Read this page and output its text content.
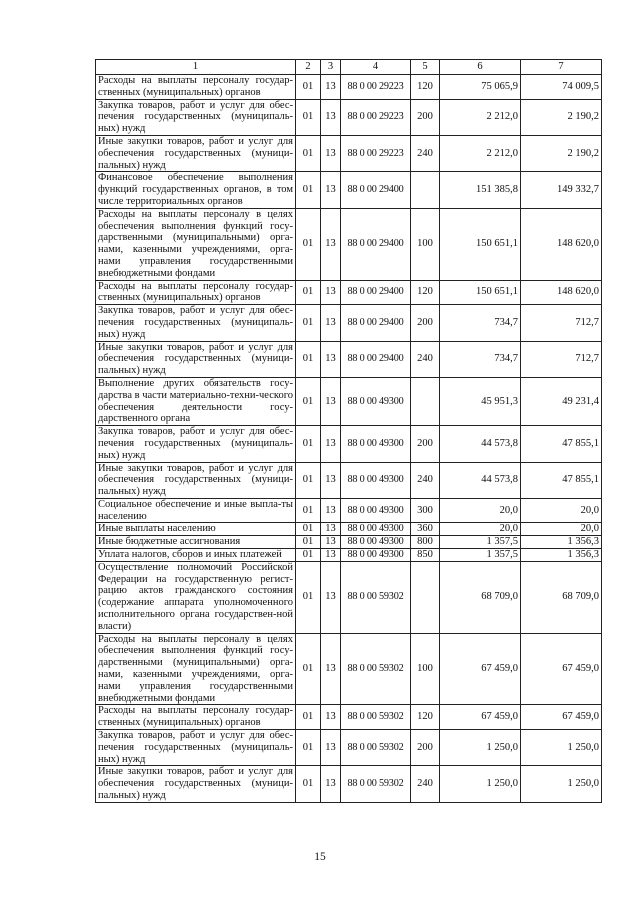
1	2	3	4	5	6	7
Расходы на выплаты персоналу государ-ственных (муниципальных) органов	01	13	88 0 00 29223	120	75 065,9	74 009,5
Закупка товаров, работ и услуг для обес-печения государственных (муниципаль-ных) нужд	01	13	88 0 00 29223	200	2 212,0	2 190,2
Иные закупки товаров, работ и услуг для обеспечения государственных (муници-пальных) нужд	01	13	88 0 00 29223	240	2 212,0	2 190,2
Финансовое обеспечение выполнения функций государственных органов, в том числе территориальных органов	01	13	88 0 00 29400		151 385,8	149 332,7
Расходы на выплаты персоналу в целях обеспечения выполнения функций госу-дарственными (муниципальными) орга-нами, казенными учреждениями, орга-нами управления государственными внебюджетными фондами	01	13	88 0 00 29400	100	150 651,1	148 620,0
Расходы на выплаты персоналу государ-ственных (муниципальных) органов	01	13	88 0 00 29400	120	150 651,1	148 620,0
Закупка товаров, работ и услуг для обес-печения государственных (муниципаль-ных) нужд	01	13	88 0 00 29400	200	734,7	712,7
Иные закупки товаров, работ и услуг для обеспечения государственных (муници-пальных) нужд	01	13	88 0 00 29400	240	734,7	712,7
Выполнение других обязательств госу-дарства в части материально-техни-ческого обеспечения деятельности госу-дарственного органа	01	13	88 0 00 49300		45 951,3	49 231,4
Закупка товаров, работ и услуг для обес-печения государственных (муниципаль-ных) нужд	01	13	88 0 00 49300	200	44 573,8	47 855,1
Иные закупки товаров, работ и услуг для обеспечения государственных (муници-пальных) нужд	01	13	88 0 00 49300	240	44 573,8	47 855,1
Социальное обеспечение и иные выпла-ты населению	01	13	88 0 00 49300	300	20,0	20,0
Иные выплаты населению	01	13	88 0 00 49300	360	20,0	20,0
Иные бюджетные ассигнования	01	13	88 0 00 49300	800	1 357,5	1 356,3
Уплата налогов, сборов и иных платежей	01	13	88 0 00 49300	850	1 357,5	1 356,3
Осуществление полномочий Российской Федерации на государственную регист-рацию актов гражданского состояния (содержание аппарата уполномоченного исполнительного органа государствен-ной власти)	01	13	88 0 00 59302		68 709,0	68 709,0
Расходы на выплаты персоналу в целях обеспечения выполнения функций госу-дарственными (муниципальными) орга-нами, казенными учреждениями, орга-нами управления государственными внебюджетными фондами	01	13	88 0 00 59302	100	67 459,0	67 459,0
Расходы на выплаты персоналу государ-ственных (муниципальных) органов	01	13	88 0 00 59302	120	67 459,0	67 459,0
Закупка товаров, работ и услуг для обес-печения государственных (муниципаль-ных) нужд	01	13	88 0 00 59302	200	1 250,0	1 250,0
Иные закупки товаров, работ и услуг для обеспечения государственных (муници-пальных) нужд	01	13	88 0 00 59302	240	1 250,0	1 250,0
15
